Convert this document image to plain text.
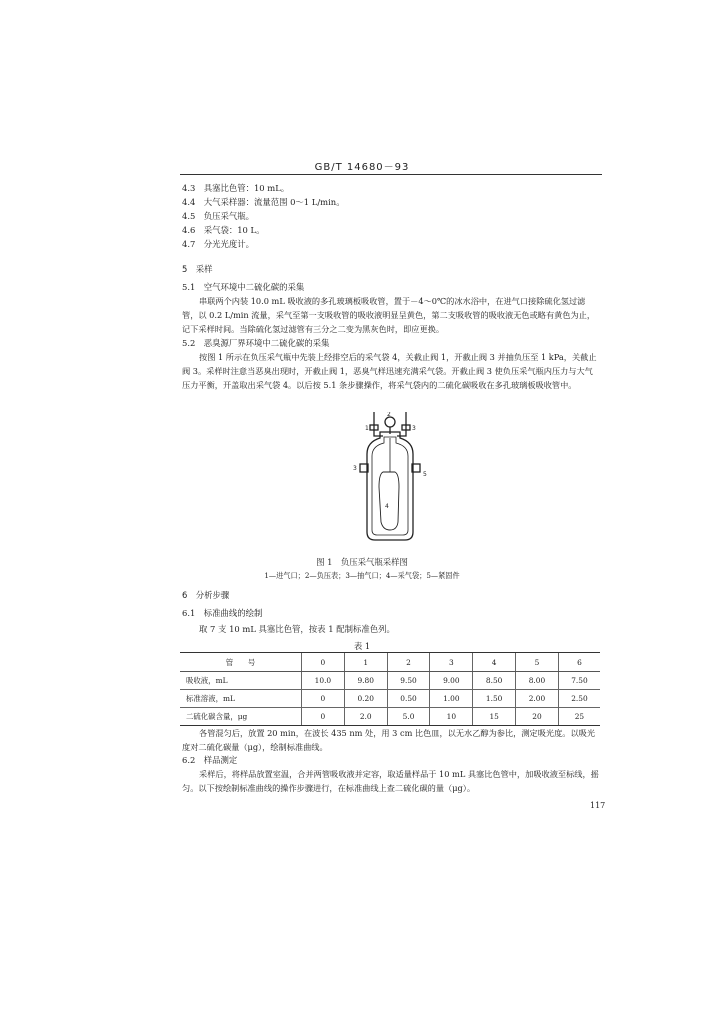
GB/T 14680－93
4.3　具塞比色管：10 mL。
4.4　大气采样器：流量范围 0～1 L/min。
4.5　负压采气瓶。
4.6　采气袋：10 L。
4.7　分光光度计。
5　采样
5.1　空气环境中二硫化碳的采集
串联两个内装 10.0 mL 吸收液的多孔玻璃板吸收管，置于－4～0℃的冰水浴中，在进气口接除硫化氢过滤管，以 0.2 L/min 流量，采气至第一支吸收管的吸收液明显呈黄色，第二支吸收管的吸收液无色或略有黄色为止，记下采样时间。当除硫化氢过滤管有三分之二变为黑灰色时，即应更换。
5.2　恶臭源厂界环境中二硫化碳的采集
按图 1 所示在负压采气瓶中先装上经排空后的采气袋 4，关截止阀 1，开截止阀 3 并抽负压至 1 kPa，关截止阀 3。采样时注意当恶臭出现时，开截止阀 1，恶臭气样迅速充满采气袋。开截止阀 3 使负压采气瓶内压力与大气压力平衡，开盖取出采气袋 4。以后按 5.1 条步骤操作，将采气袋内的二硫化碳吸收在多孔玻璃板吸收管中。
1
2
3
3
4
5
图 1　负压采气瓶采样图
1—进气口；2—负压表；3—抽气口；4—采气袋；5—紧固件
6　分析步骤
6.1　标准曲线的绘制
取 7 支 10 mL 具塞比色管，按表 1 配制标准色列。
表 1
管　　号	0	1	2	3	4	5	6
吸收液，mL	10.0	9.80	9.50	9.00	8.50	8.00	7.50
标准溶液，mL	0	0.20	0.50	1.00	1.50	2.00	2.50
二硫化碳含量，μg	0	2.0	5.0	10	15	20	25
各管混匀后，放置 20 min，在波长 435 nm 处，用 3 cm 比色皿，以无水乙醇为参比，测定吸光度。以吸光度对二硫化碳量（μg），绘制标准曲线。
6.2　样品测定
采样后，将样品放置室温，合并两管吸收液并定容，取适量样品于 10 mL 具塞比色管中，加吸收液至标线，摇匀。以下按绘制标准曲线的操作步骤进行，在标准曲线上查二硫化碳的量（μg）。
117
